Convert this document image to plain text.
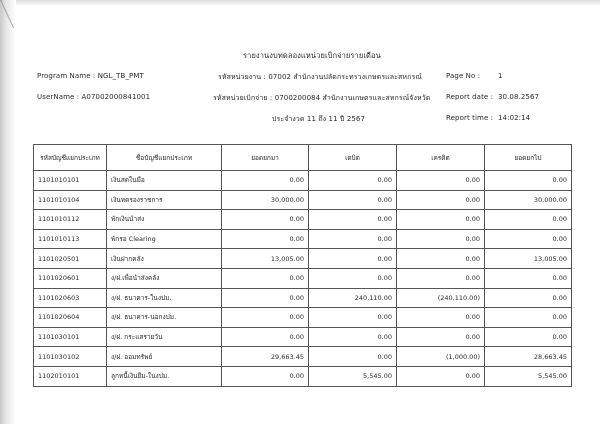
รายงานงบทดลองแหน่วยเบิกจ่ายรายเดือน
Program Name : NGL_TB_PMT	รหัสหน่วยงาน : 07002 สำนักงานปลัดกระทรวงเกษตรและสหกรณ์	Page No :	1
UserName : A07002000841001	รหัสหน่วยเบิกจ่าย : 0700200084 สำนักงานเกษตรและสหกรณ์จังหวัด Report date : 30.08.2567
ประจำงวด 11 ถึง 11 ปี 2567	Report time : 14:02:14
รหัสบัญชีแยกประเภท	ชื่อบัญชีแยกประเภท	ยอดยกมา	เดบิต	เครดิต	ยอดยกไป
1101010101	เงินสดในมือ	0.00	0.00	0.00	0.00
1101010104	เงินทดรองราชการ	30,000.00	0.00	0.00	30,000.00
1101010112	พักเงินนำส่ง	0.00	0.00	0.00	0.00
1101010113	พักรอ Clearing	0.00	0.00	0.00	0.00
1101020501	เงินฝากคลัง	13,005.00	0.00	0.00	13,005.00
1101020601	ง/ฝ.เพื่อนำส่งคลัง	0.00	0.00	0.00	0.00
1101020603	ง/ฝ. ธนาคาร-ในงปม.	0.00	240,110.00	(240,110.00)	0.00
1101020604	ง/ฝ. ธนาคาร-นอกงปม.	0.00	0.00	0.00	0.00
1101030101	ง/ฝ. กระแสรายวัน	0.00	0.00	0.00	0.00
1101030102	ง/ฝ. ออมทรัพย์	29,663.45	0.00	(1,000.00)	28,663.45
1102010101	ลูกหนี้เงินยืม-ในงปม.	0.00	5,545.00	0.00	5,545.00
